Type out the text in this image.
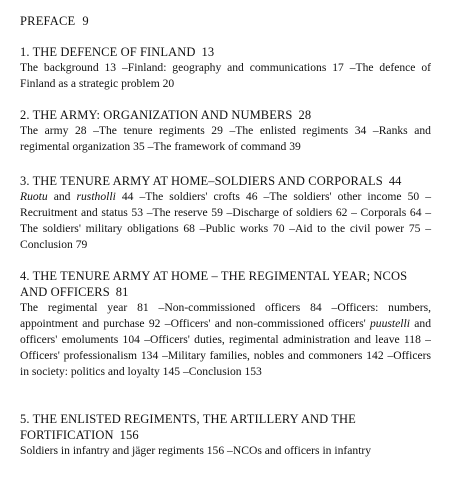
PREFACE 9
1. THE DEFENCE OF FINLAND 13
The background 13 –Finland: geography and communications 17 –The defence of Finland as a strategic problem 20
2. THE ARMY: ORGANIZATION AND NUMBERS 28
The army 28 –The tenure regiments 29 –The enlisted regiments 34 –Ranks and regimental organization 35 –The framework of command 39
3. THE TENURE ARMY AT HOME–SOLDIERS AND CORPORALS 44
Ruotu and rustholli 44 –The soldiers' crofts 46 –The soldiers' other income 50 –Recruitment and status 53 –The reserve 59 –Discharge of soldiers 62 – Corporals 64 –The soldiers' military obligations 68 –Public works 70 –Aid to the civil power 75 –Conclusion 79
4. THE TENURE ARMY AT HOME – THE REGIMENTAL YEAR; NCOS AND OFFICERS 81
The regimental year 81 –Non-commissioned officers 84 –Officers: numbers, appointment and purchase 92 –Officers' and non-commissioned officers' puustelli and officers' emoluments 104 –Officers' duties, regimental administration and leave 118 –Officers' professionalism 134 –Military families, nobles and commoners 142 –Officers in society: politics and loyalty 145 –Conclusion 153
5. THE ENLISTED REGIMENTS, THE ARTILLERY AND THE FORTIFICATION 156
Soldiers in infantry and jäger regiments 156 –NCOs and officers in infantry
